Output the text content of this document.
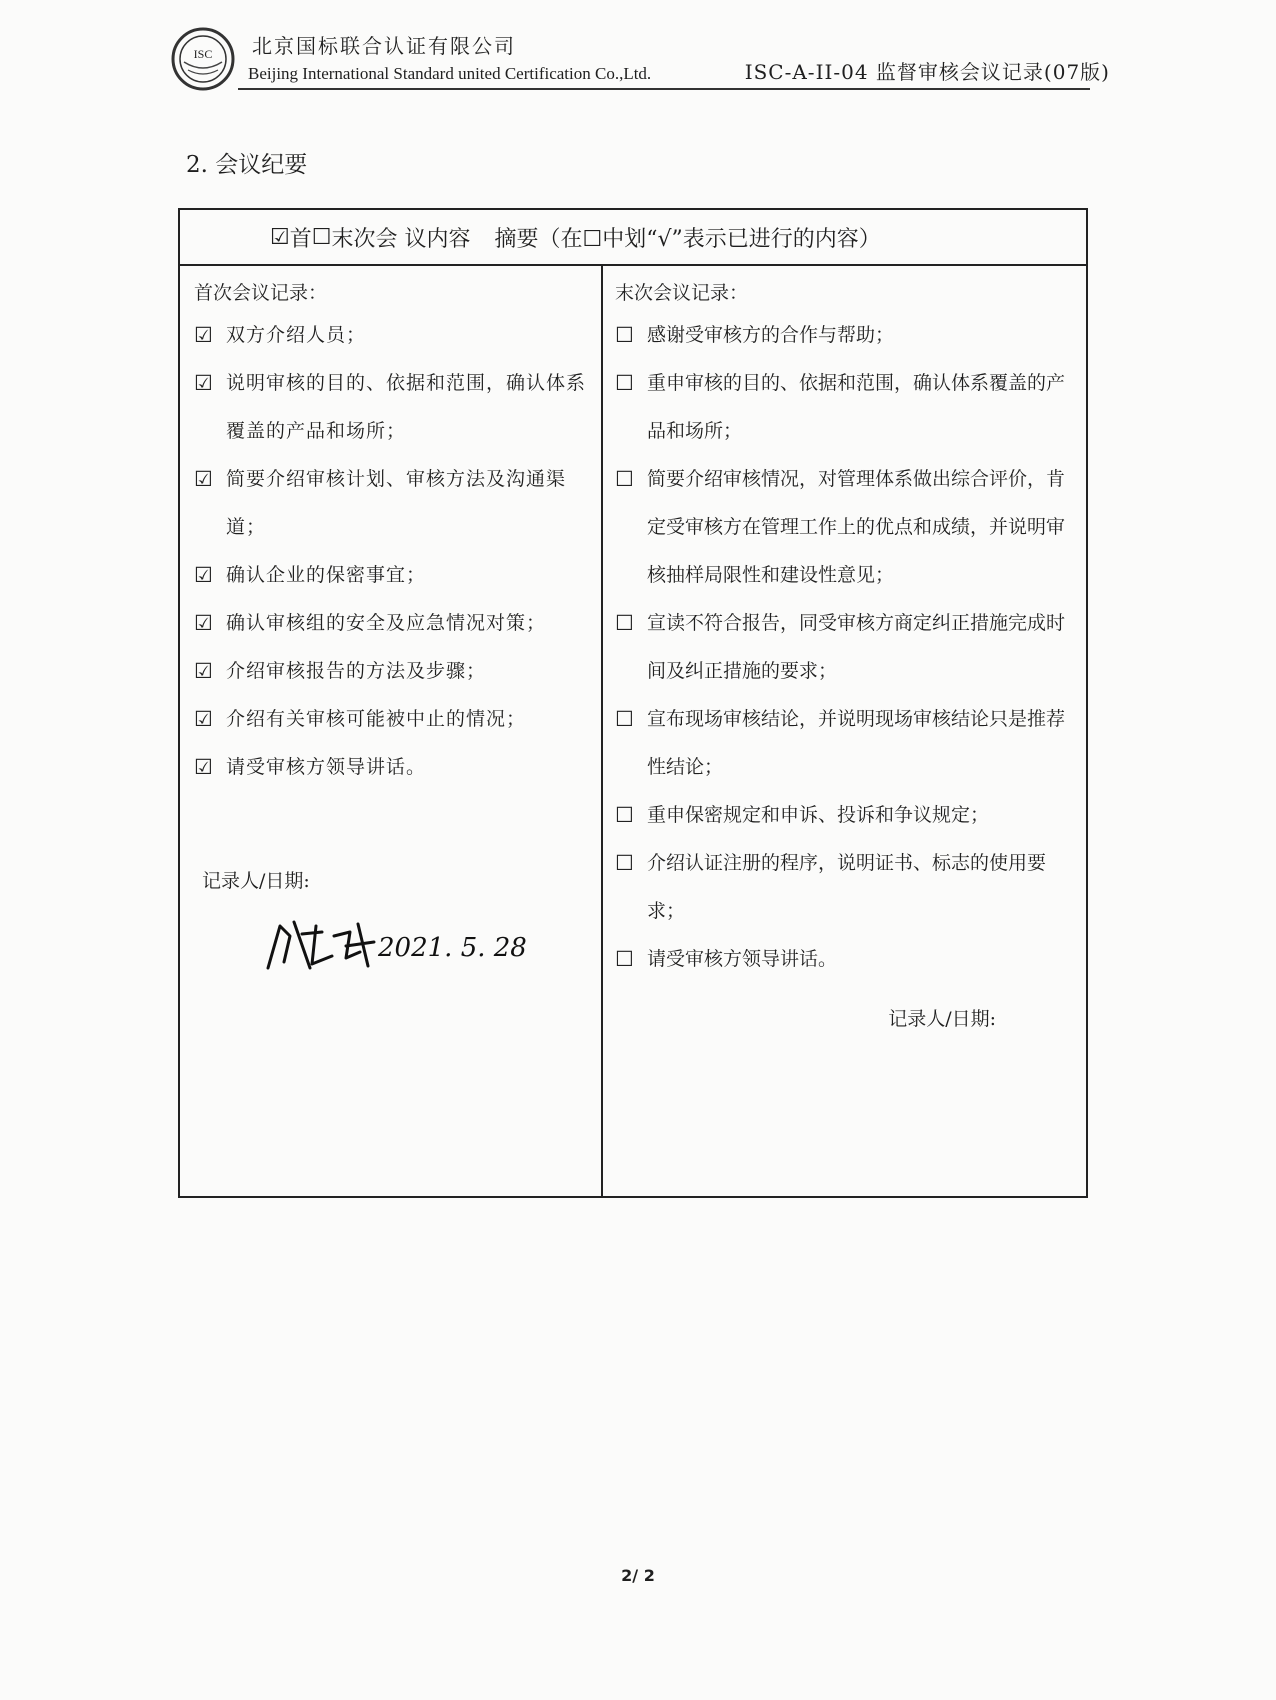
ISC 北京国标联合认证有限公司
Beijing International Standard united Certification Co.,Ltd.	ISC-A-II-04 监督审核会议记录(07版)
2. 会议纪要
☑ 首 ☐ 末次会
议内容 摘要（在☐中划“√”表示已进行的内容）
首次会议记录：
☑ 双方介绍人员；
☑ 说明审核的目的、依据和范围，确认体系覆盖的产品和场所；
☑ 简要介绍审核计划、审核方法及沟通渠道；
☑ 确认企业的保密事宜；
☑ 确认审核组的安全及应急情况对策；
☑ 介绍审核报告的方法及步骤；
☑ 介绍有关审核可能被中止的情况；
☑ 请受审核方领导讲话。
记录人/日期:
2021. 5. 28
末次会议记录：
☐ 感谢受审核方的合作与帮助；
☐ 重申审核的目的、依据和范围，确认体系覆盖的产品和场所；
☐ 简要介绍审核情况，对管理体系做出综合评价，肯定受审核方在管理工作上的优点和成绩，并说明审核抽样局限性和建设性意见；
☐ 宣读不符合报告，同受审核方商定纠正措施完成时间及纠正措施的要求；
☐ 宣布现场审核结论，并说明现场审核结论只是推荐性结论；
☐ 重申保密规定和申诉、投诉和争议规定；
☐ 介绍认证注册的程序，说明证书、标志的使用要求；
☐ 请受审核方领导讲话。
记录人/日期:
2/ 2
